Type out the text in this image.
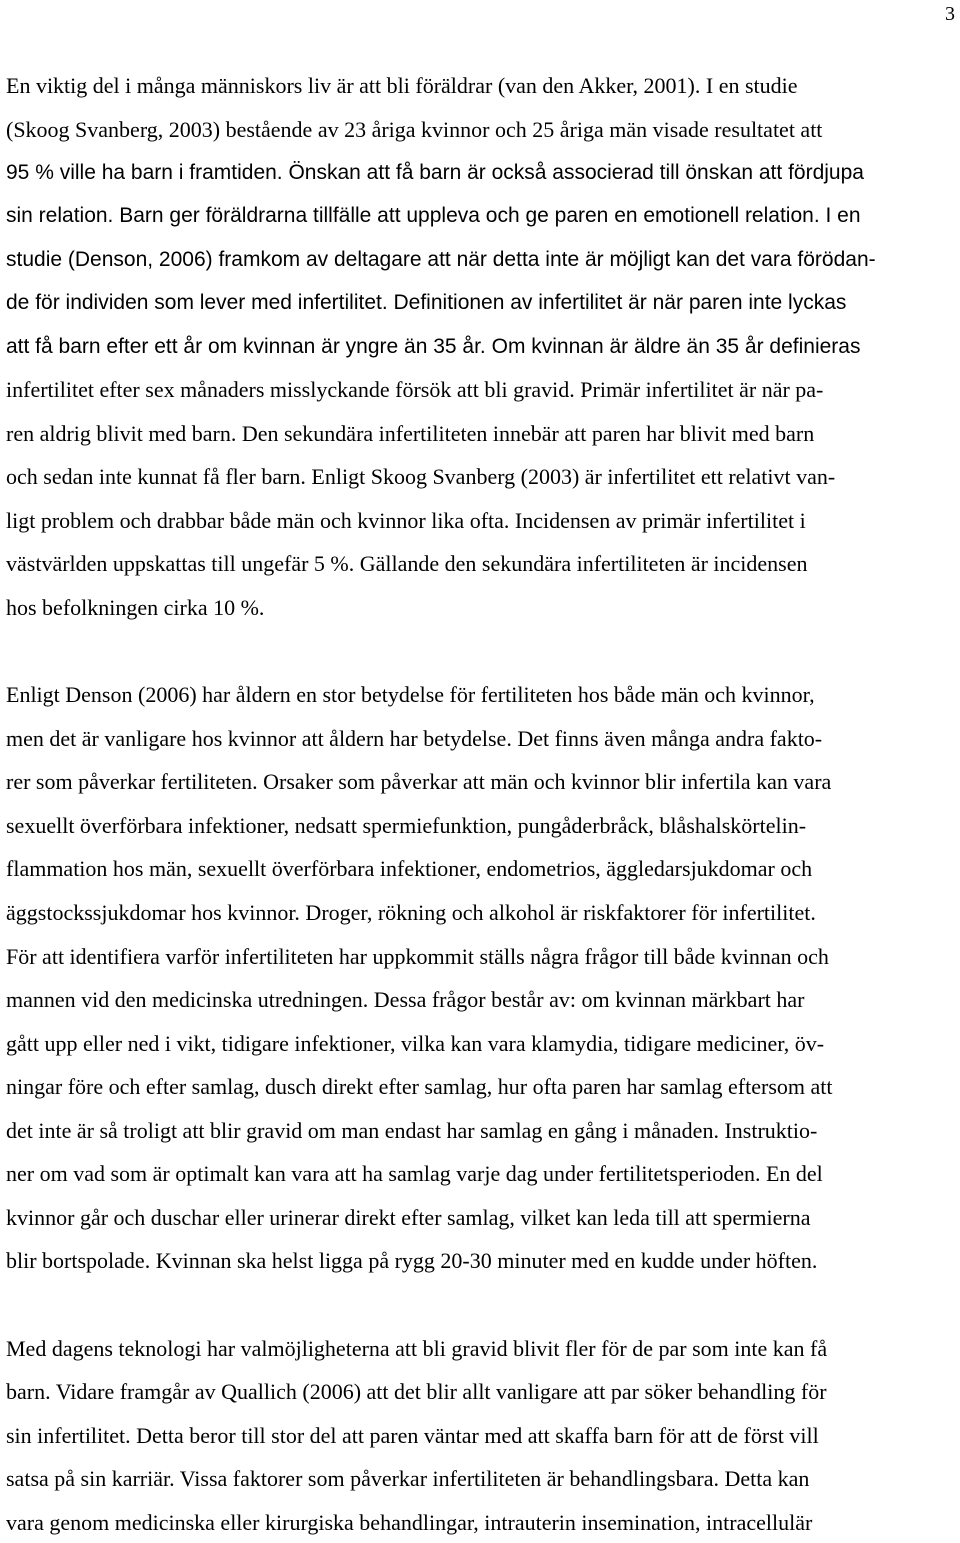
3
En viktig del i många människors liv är att bli föräldrar (van den Akker, 2001). I en studie
(Skoog Svanberg, 2003) bestående av 23 åriga kvinnor och 25 åriga män visade resultatet att
95 % ville ha barn i framtiden. Önskan att få barn är också associerad till önskan att fördjupa
sin relation. Barn ger föräldrarna tillfälle att uppleva och ge paren en emotionell relation. I en
studie (Denson, 2006) framkom av deltagare att när detta inte är möjligt kan det vara förödan-
de för individen som lever med infertilitet. Definitionen av infertilitet är när paren inte lyckas
att få barn efter ett år om kvinnan är yngre än 35 år. Om kvinnan är äldre än 35 år definieras
infertilitet efter sex månaders misslyckande försök att bli gravid. Primär infertilitet är när pa-
ren aldrig blivit med barn. Den sekundära infertiliteten innebär att paren har blivit med barn
och sedan inte kunnat få fler barn. Enligt Skoog Svanberg (2003) är infertilitet ett relativt van-
ligt problem och drabbar både män och kvinnor lika ofta. Incidensen av primär infertilitet i
västvärlden uppskattas till ungefär 5 %. Gällande den sekundära infertiliteten är incidensen
hos befolkningen cirka 10 %.
Enligt Denson (2006) har åldern en stor betydelse för fertiliteten hos både män och kvinnor,
men det är vanligare hos kvinnor att åldern har betydelse. Det finns även många andra fakto-
rer som påverkar fertiliteten. Orsaker som påverkar att män och kvinnor blir infertila kan vara
sexuellt överförbara infektioner, nedsatt spermiefunktion, pungåderbråck, blåshalskörtelin-
flammation hos män, sexuellt överförbara infektioner, endometrios, äggledarsjukdomar och
äggstockssjukdomar hos kvinnor. Droger, rökning och alkohol är riskfaktorer för infertilitet.
För att identifiera varför infertiliteten har uppkommit ställs några frågor till både kvinnan och
mannen vid den medicinska utredningen. Dessa frågor består av: om kvinnan märkbart har
gått upp eller ned i vikt, tidigare infektioner, vilka kan vara klamydia, tidigare mediciner, öv-
ningar före och efter samlag, dusch direkt efter samlag, hur ofta paren har samlag eftersom att
det inte är så troligt att blir gravid om man endast har samlag en gång i månaden. Instruktio-
ner om vad som är optimalt kan vara att ha samlag varje dag under fertilitetsperioden. En del
kvinnor går och duschar eller urinerar direkt efter samlag, vilket kan leda till att spermierna
blir bortspolade. Kvinnan ska helst ligga på rygg 20-30 minuter med en kudde under höften.
Med dagens teknologi har valmöjligheterna att bli gravid blivit fler för de par som inte kan få
barn. Vidare framgår av Quallich (2006) att det blir allt vanligare att par söker behandling för
sin infertilitet. Detta beror till stor del att paren väntar med att skaffa barn för att de först vill
satsa på sin karriär. Vissa faktorer som påverkar infertiliteten är behandlingsbara. Detta kan
vara genom medicinska eller kirurgiska behandlingar, intrauterin insemination, intracellulär
